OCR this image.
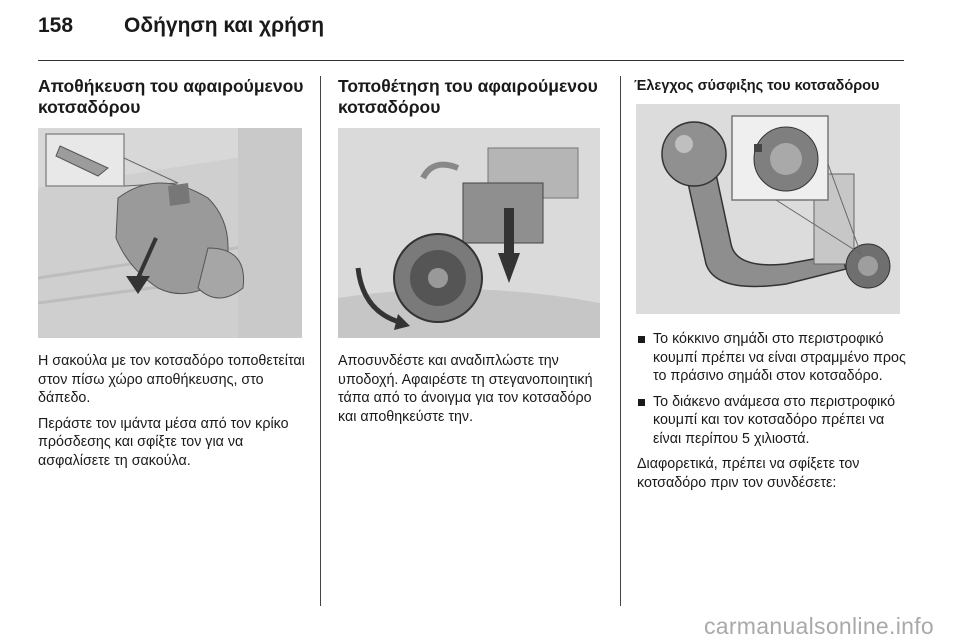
158 Οδήγηση και χρήση
Αποθήκευση του αφαιρούμενου κοτσαδόρου

Η σακούλα με τον κοτσαδόρο τοποθετείται στον πίσω χώρο αποθήκευσης, στο δάπεδο.

Περάστε τον ιμάντα μέσα από τον κρίκο πρόσδεσης και σφίξτε τον για να ασφαλίσετε τη σακούλα.

Τοποθέτηση του αφαιρούμενου κοτσαδόρου

Αποσυνδέστε και αναδιπλώστε την υποδοχή. Αφαιρέστε τη στεγανοποιητική τάπα από το άνοιγμα για τον κοτσαδόρο και αποθηκεύστε την.

Έλεγχος σύσφιξης του κοτσαδόρου
Το κόκκινο σημάδι στο περιστροφικό κουμπί πρέπει να είναι στραμμένο προς το πράσινο σημάδι στον κοτσαδόρο.
Το διάκενο ανάμεσα στο περιστροφικό κουμπί και τον κοτσαδόρο πρέπει να είναι περίπου 5 χιλιοστά.

Διαφορετικά, πρέπει να σφίξετε τον κοτσαδόρο πριν τον συνδέσετε:

carmanualsonline.info
